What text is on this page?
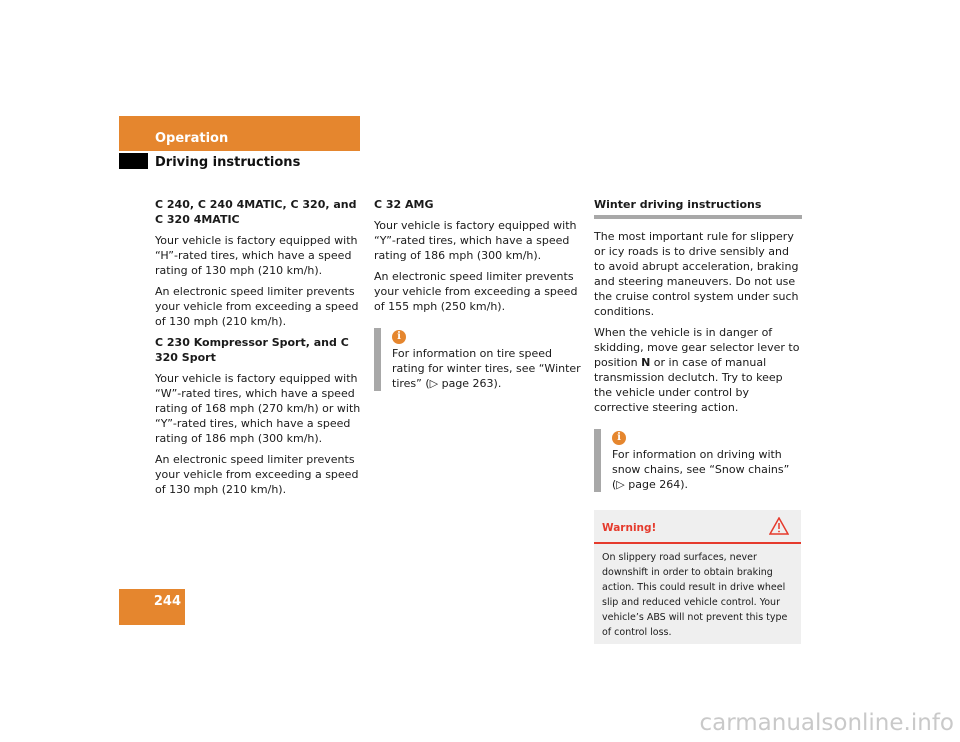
Operation
Driving instructions
C 240, C 240 4MATIC, C 320, and C 320 4MATIC

Your vehicle is factory equipped with “H”-rated tires, which have a speed rating of 130 mph (210 km/h).

An electronic speed limiter prevents your vehicle from exceeding a speed of 130 mph (210 km/h).

C 230 Kompressor Sport, and C 320 Sport

Your vehicle is factory equipped with “W”-rated tires, which have a speed rating of 168 mph (270 km/h) or with “Y”-rated tires, which have a speed rating of 186 mph (300 km/h).

An electronic speed limiter prevents your vehicle from exceeding a speed of 130 mph (210 km/h).

C 32 AMG

Your vehicle is factory equipped with “Y”-rated tires, which have a speed rating of 186 mph (300 km/h).

An electronic speed limiter prevents your vehicle from exceeding a speed of 155 mph (250 km/h).

i

For information on tire speed rating for winter tires, see “Winter tires” (▷ page 263).

Winter driving instructions

The most important rule for slippery or icy roads is to drive sensibly and to avoid abrupt acceleration, braking and steering maneuvers. Do not use the cruise control system under such conditions.

When the vehicle is in danger of skidding, move gear selector lever to position N or in case of manual transmission declutch. Try to keep the vehicle under control by corrective steering action.

i

For information on driving with snow chains, see “Snow chains” (▷ page 264).

Warning!
On slippery road surfaces, never downshift in order to obtain braking action. This could result in drive wheel slip and reduced vehicle control. Your vehicle’s ABS will not prevent this type of control loss.
244
carmanualsonline.info
